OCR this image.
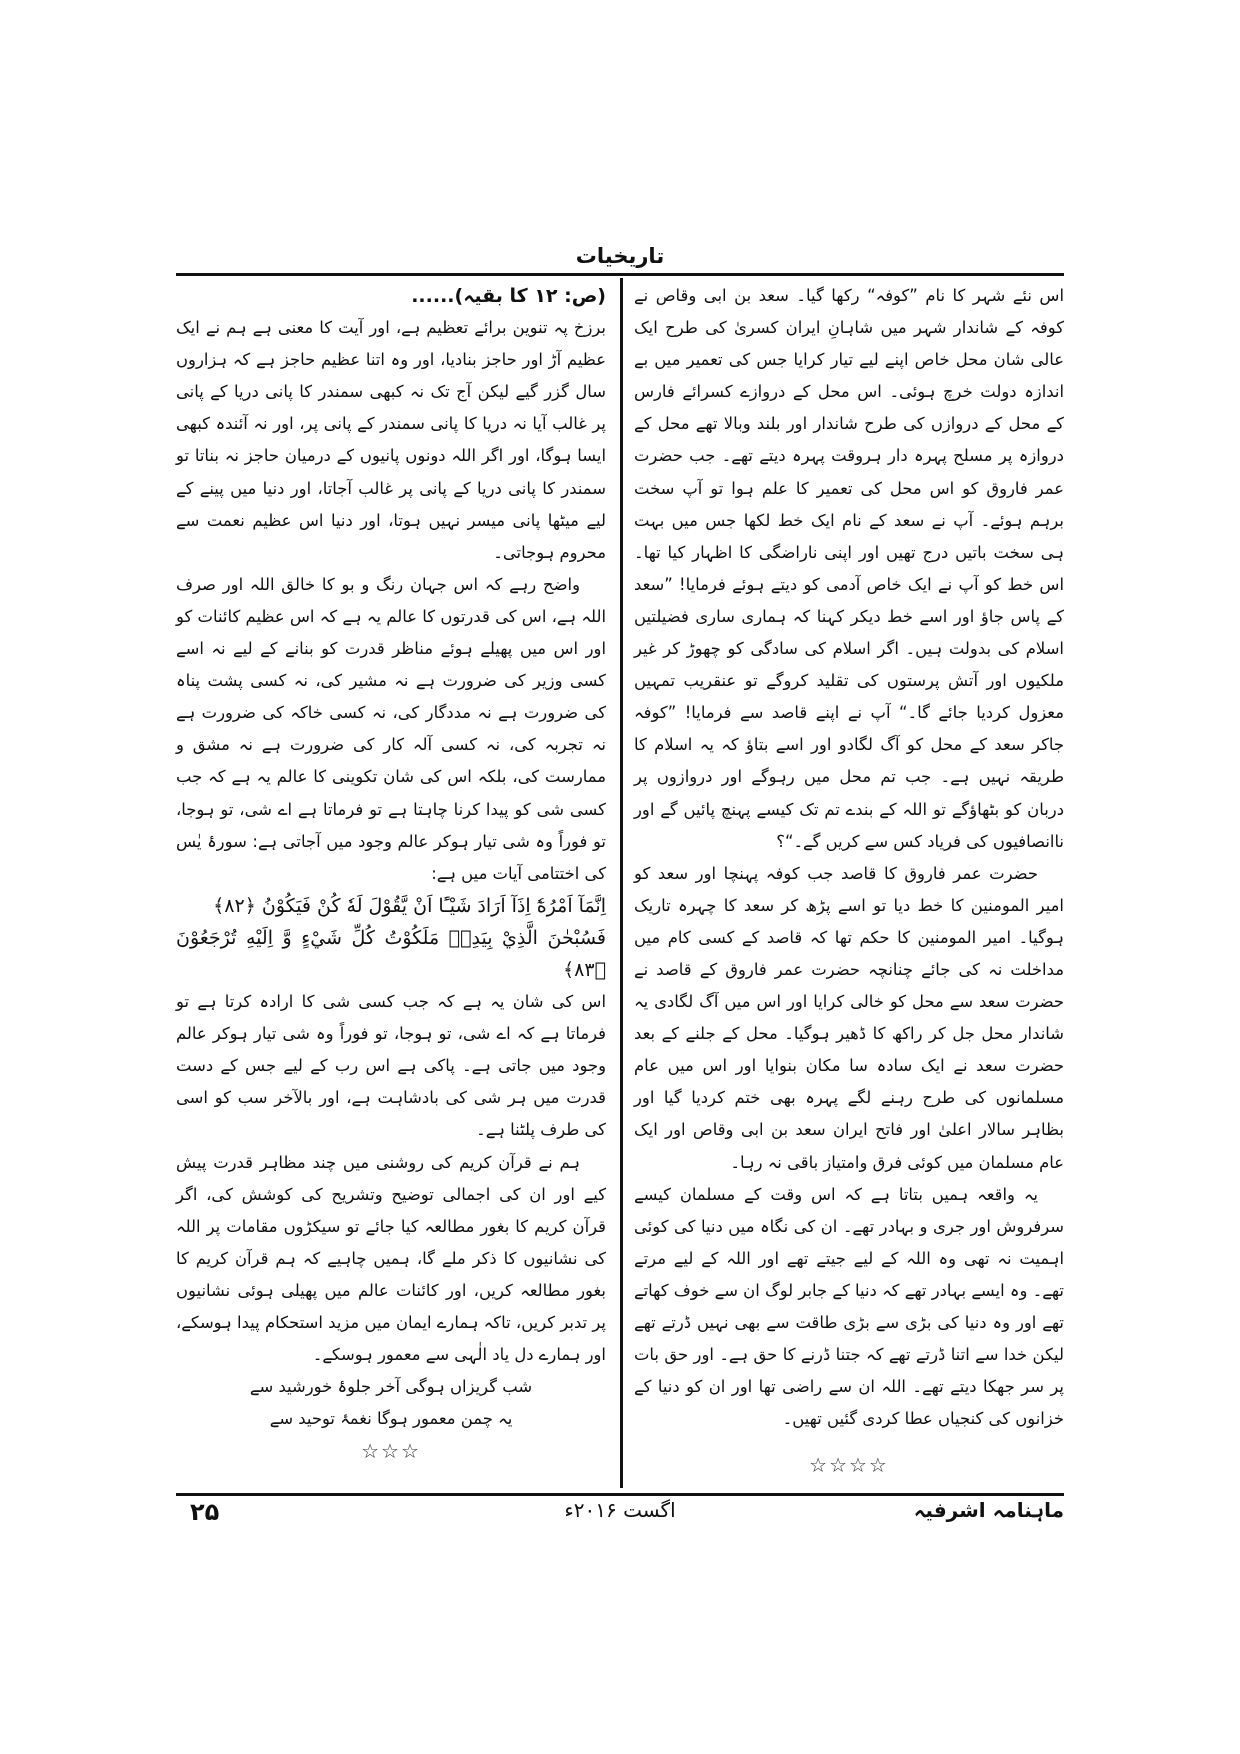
تاریخیات

اس نئے شہر کا نام ”کوفہ“ رکھا گیا۔ سعد بن ابی وقاص نے کوفہ کے شاندار شہر میں شاہانِ ایران کسریٰ کی طرح ایک عالی شان محل خاص اپنے لیے تیار کرایا جس کی تعمیر میں بے اندازہ دولت خرچ ہوئی۔ اس محل کے دروازے کسرائے فارس کے محل کے دروازں کی طرح شاندار اور بلند وبالا تھے محل کے دروازہ پر مسلح پہرہ دار ہروقت پہرہ دیتے تھے۔ جب حضرت عمر فاروق کو اس محل کی تعمیر کا علم ہوا تو آپ سخت برہم ہوئے۔ آپ نے سعد کے نام ایک خط لکھا جس میں بہت ہی سخت باتیں درج تھیں اور اپنی ناراضگی کا اظہار کیا تھا۔ اس خط کو آپ نے ایک خاص آدمی کو دیتے ہوئے فرمایا! ”سعد کے پاس جاؤ اور اسے خط دیکر کہنا کہ ہماری ساری فضیلتیں اسلام کی بدولت ہیں۔ اگر اسلام کی سادگی کو چھوڑ کر غیر ملکیوں اور آتش پرستوں کی تقلید کروگے تو عنقریب تمہیں معزول کردیا جائے گا۔“ آپ نے اپنے قاصد سے فرمایا! ”کوفہ جاکر سعد کے محل کو آگ لگادو اور اسے بتاؤ کہ یہ اسلام کا طریقہ نہیں ہے۔ جب تم محل میں رہوگے اور دروازوں پر دربان کو بٹھاؤگے تو اللہ کے بندے تم تک کیسے پہنچ پائیں گے اور ناانصافیوں کی فریاد کس سے کریں گے۔“؟

حضرت عمر فاروق کا قاصد جب کوفہ پہنچا اور سعد کو امیر المومنین کا خط دیا تو اسے پڑھ کر سعد کا چہرہ تاریک ہوگیا۔ امیر المومنین کا حکم تھا کہ قاصد کے کسی کام میں مداخلت نہ کی جائے چنانچہ حضرت عمر فاروق کے قاصد نے حضرت سعد سے محل کو خالی کرایا اور اس میں آگ لگادی یہ شاندار محل جل کر راکھ کا ڈھیر ہوگیا۔ محل کے جلنے کے بعد حضرت سعد نے ایک سادہ سا مکان بنوایا اور اس میں عام مسلمانوں کی طرح رہنے لگے پہرہ بھی ختم کردیا گیا اور بظاہر سالار اعلیٰ اور فاتح ایران سعد بن ابی وقاص اور ایک عام مسلمان میں کوئی فرق وامتیاز باقی نہ رہا۔

یہ واقعہ ہمیں بتاتا ہے کہ اس وقت کے مسلمان کیسے سرفروش اور جری و بہادر تھے۔ ان کی نگاہ میں دنیا کی کوئی اہمیت نہ تھی وہ اللہ کے لیے جیتے تھے اور اللہ کے لیے مرتے تھے۔ وہ ایسے بہادر تھے کہ دنیا کے جابر لوگ ان سے خوف کھاتے تھے اور وہ دنیا کی بڑی سے بڑی طاقت سے بھی نہیں ڈرتے تھے لیکن خدا سے اتنا ڈرتے تھے کہ جتنا ڈرنے کا حق ہے۔ اور حق بات پر سر جھکا دیتے تھے۔ اللہ ان سے راضی تھا اور ان کو دنیا کے خزانوں کی کنجیاں عطا کردی گئیں تھیں۔

☆☆☆☆

(ص: ۱۲ کا بقیہ)......

برزخ پہ تنوین برائے تعظیم ہے، اور آیت کا معنی ہے ہم نے ایک عظیم آڑ اور حاجز بنادیا، اور وہ اتنا عظیم حاجز ہے کہ ہزاروں سال گزر گیے لیکن آج تک نہ کبھی سمندر کا پانی دریا کے پانی پر غالب آیا نہ دریا کا پانی سمندر کے پانی پر، اور نہ آئندہ کبھی ایسا ہوگا، اور اگر اللہ دونوں پانیوں کے درمیان حاجز نہ بناتا تو سمندر کا پانی دریا کے پانی پر غالب آجاتا، اور دنیا میں پینے کے لیے میٹھا پانی میسر نہیں ہوتا، اور دنیا اس عظیم نعمت سے محروم ہوجاتی۔

واضح رہے کہ اس جہان رنگ و بو کا خالق اللہ اور صرف اللہ ہے، اس کی قدرتوں کا عالم یہ ہے کہ اس عظیم کائنات کو اور اس میں پھیلے ہوئے مناظر قدرت کو بنانے کے لیے نہ اسے کسی وزیر کی ضرورت ہے نہ مشیر کی، نہ کسی پشت پناہ کی ضرورت ہے نہ مددگار کی، نہ کسی خاکہ کی ضرورت ہے نہ تجربہ کی، نہ کسی آلہ کار کی ضرورت ہے نہ مشق و ممارست کی، بلکہ اس کی شان تکوینی کا عالم یہ ہے کہ جب کسی شی کو پیدا کرنا چاہتا ہے تو فرماتا ہے اے شی، تو ہوجا، تو فوراً وہ شی تیار ہوکر عالم وجود میں آجاتی ہے: سورۂ یٰس کی اختتامی آیات میں ہے:

اِنَّمَآ اَمْرُهٗٓ اِذَآ اَرَادَ شَيْـًٔا اَنْ يَّقُوْلَ لَهٗ كُنْ فَيَكُوْنُ ﴿۸۲﴾

فَسُبْحٰنَ الَّذِيْ بِيَدِهٖ مَلَكُوْتُ كُلِّ شَيْءٍ وَّ اِلَيْهِ تُرْجَعُوْنَ ﴿۸۳﴾

اس کی شان یہ ہے کہ جب کسی شی کا ارادہ کرتا ہے تو فرماتا ہے کہ اے شی، تو ہوجا، تو فوراً وہ شی تیار ہوکر عالم وجود میں جاتی ہے۔ پاکی ہے اس رب کے لیے جس کے دست قدرت میں ہر شی کی بادشاہت ہے، اور بالآخر سب کو اسی کی طرف پلٹنا ہے۔

ہم نے قرآن کریم کی روشنی میں چند مظاہر قدرت پیش کیے اور ان کی اجمالی توضیح وتشریح کی کوشش کی، اگر قرآن کریم کا بغور مطالعہ کیا جائے تو سیکڑوں مقامات پر اللہ کی نشانیوں کا ذکر ملے گا، ہمیں چاہیے کہ ہم قرآن کریم کا بغور مطالعہ کریں، اور کائنات عالم میں پھیلی ہوئی نشانیوں پر تدبر کریں، تاکہ ہمارے ایمان میں مزید استحکام پیدا ہوسکے، اور ہمارے دل یاد الٰہی سے معمور ہوسکے۔

شب گریزاں ہوگی آخر جلوۂ خورشید سے

یہ چمن معمور ہوگا نغمۂ توحید سے

☆☆☆
ماہنامہ اشرفیہ
اگست ۲۰۱۶ء
۲۵
